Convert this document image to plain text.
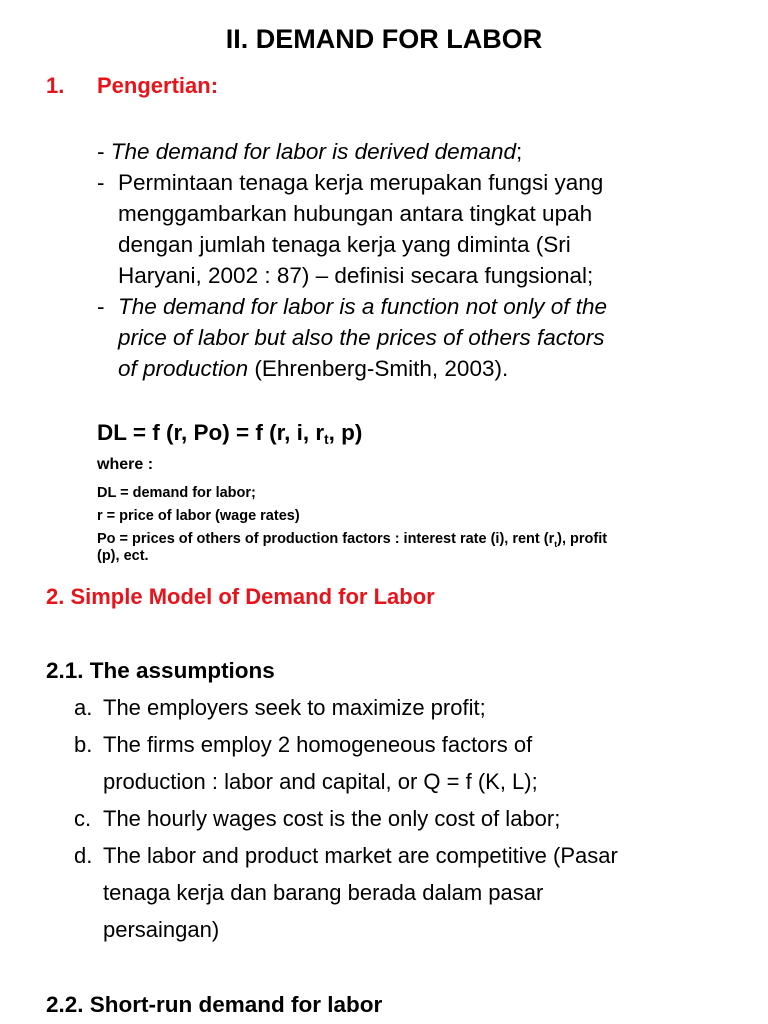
II. DEMAND FOR LABOR
1. Pengertian:
- The demand for labor is derived demand;
- Permintaan tenaga kerja merupakan fungsi yang
menggambarkan hubungan antara tingkat upah
dengan jumlah tenaga kerja yang diminta (Sri
Haryani, 2002 : 87) – definisi secara fungsional;
- The demand for labor is a function not only of the
price of labor but also the prices of others factors
of production (Ehrenberg-Smith, 2003).
DL = f (r, Po) = f (r, i, $r_t$, p)
where :
DL = demand for labor;
r = price of labor (wage rates)
Po = prices of others of production factors : interest rate (i), rent $(r_t)$, profit
(p), ect.
2. Simple Model of Demand for Labor
2.1. The assumptions
a. The employers seek to maximize profit;
b. The firms employ 2 homogeneous factors of
production : labor and capital, or Q = f (K, L);
c. The hourly wages cost is the only cost of labor;
d. The labor and product market are competitive (Pasar
tenaga kerja dan barang berada dalam pasar
persaingan)
2.2. Short-run demand for labor
